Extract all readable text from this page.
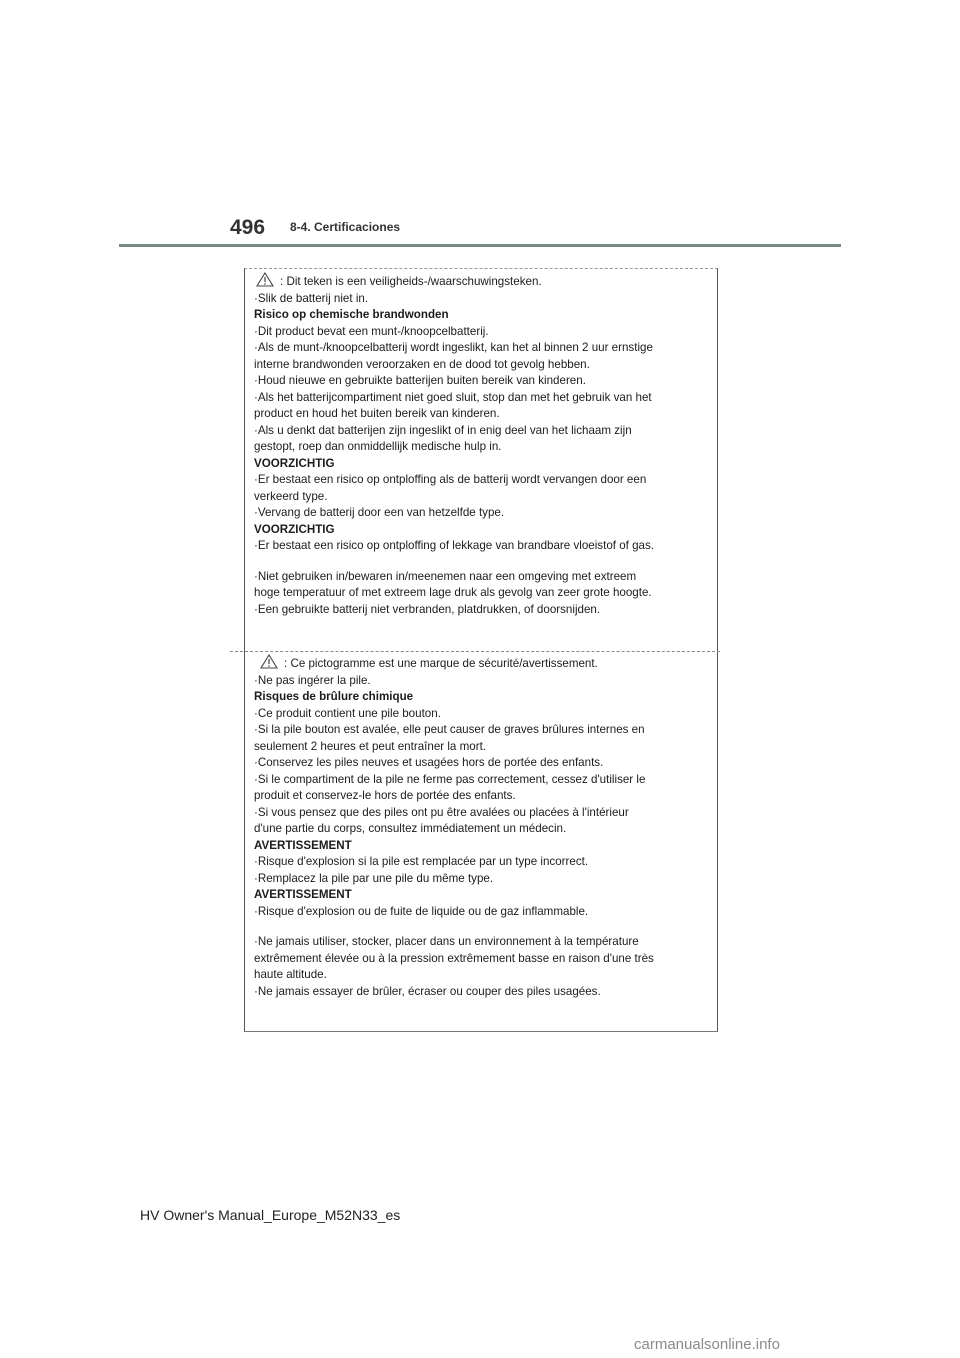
496 8-4. Certificaciones
: Dit teken is een veiligheids-/waarschuwingsteken.
·Slik de batterij niet in.
Risico op chemische brandwonden
·Dit product bevat een munt-/knoopcelbatterij.
·Als de munt-/knoopcelbatterij wordt ingeslikt, kan het al binnen 2 uur ernstige
interne brandwonden veroorzaken en de dood tot gevolg hebben.
·Houd nieuwe en gebruikte batterijen buiten bereik van kinderen.
·Als het batterijcompartiment niet goed sluit, stop dan met het gebruik van het
product en houd het buiten bereik van kinderen.
·Als u denkt dat batterijen zijn ingeslikt of in enig deel van het lichaam zijn
gestopt, roep dan onmiddellijk medische hulp in.
VOORZICHTIG
·Er bestaat een risico op ontploffing als de batterij wordt vervangen door een
verkeerd type.
·Vervang de batterij door een van hetzelfde type.
VOORZICHTIG
·Er bestaat een risico op ontploffing of lekkage van brandbare vloeistof of gas.
·Niet gebruiken in/bewaren in/meenemen naar een omgeving met extreem
hoge temperatuur of met extreem lage druk als gevolg van zeer grote hoogte.
·Een gebruikte batterij niet verbranden, platdrukken, of doorsnijden.
: Ce pictogramme est une marque de sécurité/avertissement.
·Ne pas ingérer la pile.
Risques de brûlure chimique
·Ce produit contient une pile bouton.
·Si la pile bouton est avalée, elle peut causer de graves brûlures internes en
seulement 2 heures et peut entraîner la mort.
·Conservez les piles neuves et usagées hors de portée des enfants.
·Si le compartiment de la pile ne ferme pas correctement, cessez d'utiliser le
produit et conservez-le hors de portée des enfants.
·Si vous pensez que des piles ont pu être avalées ou placées à l'intérieur
d'une partie du corps, consultez immédiatement un médecin.
AVERTISSEMENT
·Risque d'explosion si la pile est remplacée par un type incorrect.
·Remplacez la pile par une pile du même type.
AVERTISSEMENT
·Risque d'explosion ou de fuite de liquide ou de gaz inflammable.
·Ne jamais utiliser, stocker, placer dans un environnement à la température
extrêmement élevée ou à la pression extrêmement basse en raison d'une très
haute altitude.
·Ne jamais essayer de brûler, écraser ou couper des piles usagées.
HV Owner's Manual_Europe_M52N33_es
carmanualsonline.info
